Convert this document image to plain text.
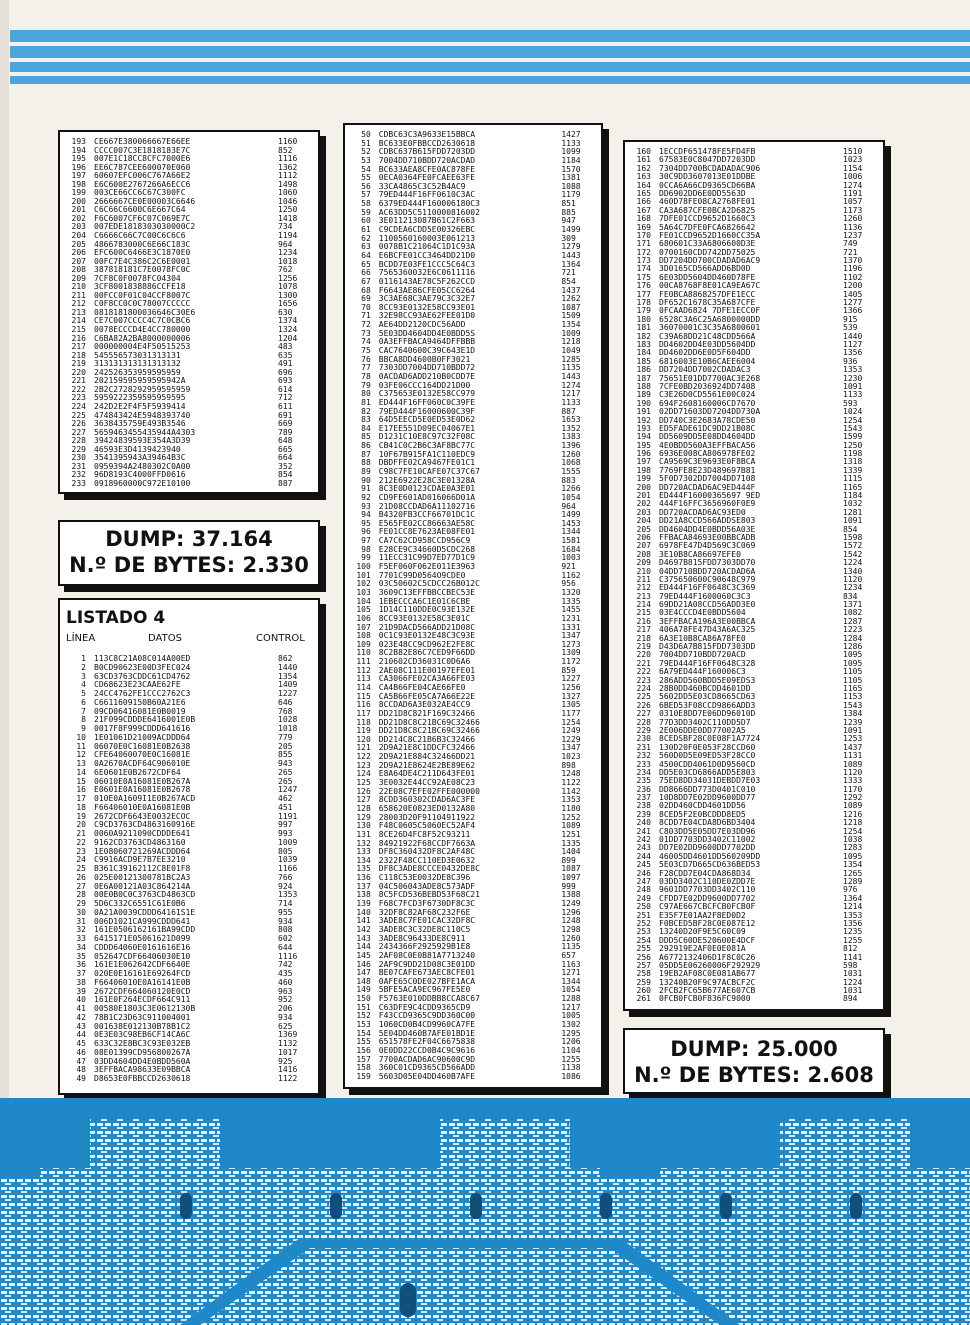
193	CE667E380066667E66EE	1160
194	CCCC007C3E1818183E7C	852
195	007E1C18CC8CFC7000E6	1116
196	EE6C787CEE600070E060	1362
197	60607EFC006C767A66E2	1112
198	E6C600E2767266A6ECC6	1498
199	003CE66CC6C67C300FC	1060
200	2666667CE0E00003C6646	1046
201	C6C66C6600C6E667C64	1250
202	F6C6007CF6C07C069E7C	1418
203	007EDE1818303030000C2	734
204	C6666C66C7C00C6C6C6	1194
205	4866783000C6E66C183C	964
206	EFC600C6466E3C1870E0	1234
207	00FC7E4C386C2C6E0001	1018
208	387818181C7E0078FC0C	762
209	7CF8C0F0078FC04304	1256
210	3CF8001838886CCFE18	1078
211	00FCC0F01C04CCF8007C	1300
212	C0F8CC0C0C78007CCCCC	1656
213	0818181800036646C30E6	630
214	CE7C007CCCC4C7C0CBC6	1374
215	0078ECCCD4E4CC780000	1324
216	C6BA82A2BA8000000006	1204
217	000000004E4F50515253	483
218	545556573031313131	635
219	313131313131313132	491
220	242526353959595959	696
221	202159595959595942A	693
222	2B2C2728292959595959	614
223	5959222359595959595	712
224	242D2E2F4F5F5939414	611
225	474843424E5948393740	691
226	3638435759E493B3546	669
227	5659463455435944A4303	789
228	39424839593E354A3D39	648
229	46593E3D4139423940	665
230	3541395943A39464B3C	664
231	0959394A2480302C0A00	352
232	96D8193C4000FFD0616	854
233	0918960000C972E10100	887
DUMP: 37.164
N.º DE BYTES: 2.330
LISTADO 4
LÍNEA	DATOS	CONTROL
1	113C8C21A08C014A00ED	862
2	B0CD90623E00D3FEC024	1440
3	63CD3763CDDC61CD4762	1354
4	CD68623E23CAAE62FE	1409
5	24CC4762FE1CCC2762C3	1227
6	C6611609150B60A21E6	646
7	09CD06416081E0B0019	768
8	21F099CDDDE6416001E0B	1028
9	0017F8F999CDDD641616	1018
10	1E01061D21009ACDDD64	779
11	06070E0C16081E0B2638	205
12	CFE64060070E0C16081E	855
13	0A2670ACDF64C906010E	943
14	6E0601E0B2672CDF64	265
15	06010E0A16081E0B267A	265
16	E0601E0A16081E0B2678	1247
17	010E0A1609I1E0B267ACD	462
18	F66406010E0A16081E0B	451
19	2672CDF6643E0032ECOC	1191
20	C9CD3763CD4863160916E	997
21	0060A9211090CDDDE641	993
22	9162CD3763CD4863160	1009
23	1E08060721269ACDDD64	805
24	C9916ACD9E7B7EE3210	1039
25	B361C39162112C8E01F8	1166
26	025E00121300781BC2A3	766
27	0E6A00121A03C864214A	924
28	00E0B0C0C3763CD4863CD	1353
29	5D6C332C6551C61E0B6	714
30	0A21A0039CDDD64161S1E	955
31	006D1021CA999CDDD641	934
32	161E0506162161BA99CDD	808
33	6415171E05061621D099	602
34	CDDD64060E0161616E16	644
35	052647CDF66406030E10	1116
36	161E1E062642CDF6640E	742
37	020E0E16161E69264FCD	435
38	F66406010E0A16141E0B	460
39	2672CDF664060120E0CD	963
40	161E0F264ECDF664C911	952
41	00580E1803C3E0612130B	206
42	78B1C23D63C911004001	934
43	001638E012130B78B1C2	625
44	0E3E03C98EB6CF14CA6C	1369
45	633C32E8BC3C93E032EB	1132
46	08E01399CD956800267A	1017
47	03DD4604DD4E0BDD560A	925
48	3EFFBACA98633E09BBCA	1416
49	D8653E0FBBCCD2630618	1122
50	CDBC63C3A9633E15BBCA	1427
51	BC633E0FBBCCD2630618	1133
52	CDBC637B615FDD7203DD	1099
53	7004DD710BDD720ACDAD	1184
54	BC633AEA8CFE0AC878FE	1570
55	0ECA0364FE0FCAEE63FE	1381
56	33CA4865C3C52B4AC9	1088
57	79ED444F16FF0610C3AC	1179
58	6379ED444F160006180C3	851
59	AC63DD5C5110000816002	885
60	3E011213087B61C2F663	947
61	C9CDEA6CDD5E00326EBC	1499
62	1100560160003E061213	309
63	0078B1C21064C1D1C93A	1279
64	E6BCFE01CC3464DD21D0	1443
65	BCDD7E03FE1CCC5C64C3	1364
66	7565360032E6C0611116	721
67	0116143AE78C5F262CCD	854
68	F6643AE86CFE05CC6264	1437
69	3C3AE68C3AE79C3C32E7	1262
70	8CC93E0132E58CC93E01	1087
71	32E98CC93AE62FEE01D0	1509
72	AE64DD2120CDC56ADD	1354
73	5E03DD4604DD4E0BDD5S	1009
74	0A3EFFBACA9464DFFBBB	1218
75	CAC7640600C39C643E1D	1049
76	BBCA8DD4600B0FF3021	1285
77	7303DD7004DD710BDD72	1135
78	0ACDAD6ADD210B0CDD7E	1443
79	03FE06CCC164DD21D00	1274
80	C375653E0132E58CC979	1217
81	ED444F16FF060C0C39FE	1133
82	79ED444F16000600C39F	887
83	64D5EECD5E0ED53E0D62	1653
84	E17EE551D09EC04067E1	1352
85	D1231C10E8C97C32F08C	1383
86	CB41C0C2B6C3AF8BC77C	1396
87	10F67B915FA1C110EDC9	1260
88	DBDFFE02CA9467FE01C1	1068
89	C98C7FE10CAFE07C37C67	1555
90	212E6922E28C3E01328A	883
91	8C3E0D0123CDAE0A3E01	1266
92	CD9FE601AD016066D01A	1054
93	21D08CCDAD6A11102716	964
94	B4320FB3CCF66701DC1C	1499
95	E565FE02CC86663AE58C	1453
96	FE01CC8E7623AE08FE01	1344
97	CA7C62CD958CCD956C9	1581
98	E28CE9C34660D5CDC268	1684
99	11ECC31C99D7ED77D1C9	1003
100	F5EF060F062E011E3963	921
101	7701C99D0564O9CDE0	1162
102	03C50602C5CDCC26B012C	956
103	3609C13EFFBBCCBEC53E	1320
104	1EBECCCA6C1E01C6CBE	1335
105	1D14C110DDE0C93E132E	1455
106	8CC93E0132E58C3E01C	1231
107	21D9DACD566ADD21D08C	1331
108	0C1C93E0132E48C3C93E	1347
109	023E48CC9CD962E2FE8C	1273
110	8C2B82E86C7CED9F66DD	1309
111	210602CD36031C0D6A6	1172
112	2AE08C111E00197EFE01	859
113	CA3066FE02CA3A66FE03	1227
114	CA4B66FE04CAE66FE0	1256
115	CA5B66FE05CA7A66E22E	1327
116	8CCDAD6A3E032AE4CC9	1305
117	DD21D8C821F169C32466	1177
118	DD21D8C8C21BC69C32466	1254
119	DD21D8C8C21BC69C32466	1249
120	DD214C8C21B6B3C32466	1229
121	2D9A21E8C1DDCFC32466	1347
122	2D9A21E884C32466DD21	1023
123	2D9A21E8624E2BE89E62	898
124	E8A64DE4C211D643FE01	1248
125	3E0032E44CC92AE08C23	1122
126	22E08C7EFE02FFE000000	1142
127	8CDD360302CDAD6AC3FE	1353
128	658620E0823ED0132A80	1180
129	28003D20F91104911922	1252
130	F48C0605C5060EC52AF4	1089
131	8CE26D4FC8F52C93211	1251
132	84921922F68CCDF7663A	1335
133	DF8C360432DF8C2AF48C	1404
134	2322F48CC110ED3E0632	899
135	DF8C3ADE8CCCE0432DE8C	1087
136	C118C53E0032DE8C396	1097
137	04C506043ADE8C573ADF	999
138	8C5FCD536BEBD53F68C21	1388
139	F68C7FCD3F6730DF8C3C	1249
140	32DF8C82AF68C232F6E	1296
141	3ADE8C7FE01CAC32DF8C	1248
142	3ADE8C3C32DE8C110C5	1298
143	3ADE8C96433DE8C911	1260
144	2434366F2925929B1E8	1135
145	2AF08C0E0B81A7713240	657
146	2AF9C9DD21D08C3E01DD	1163
147	BE07CAFE673AEC8CFE01	1271
148	0AFE65C0DE027BFE1ACA	1344
149	5BFE5ACA9EC967FE5E0	1054
150	F5763E010DDBB8CCA8C67	1288
151	C63DFE9C4CDD9365CD9	1217
152	F43CCD9365C9DD360C00	1005
153	1060CD0B4CD9960CA7FE	1302
154	5E04DD460B7AFE01BD1E	1295
155	651578FE2F04C6675838	1206
156	0E0DD22CCD0B4C9C9616	1104
157	7700ACDAD6AC90600C9D	1255
158	360C01CD9365CD566ADD	1138
159	5603D05E04DD460B7AFE	1086
160	1ECCDF651478FE5FD4FB	1510
161	67583E0C8047DD7203DD	1023
162	7304DD700BCDADADAC906	1154
163	30C9DD3607013E01DDBE	1006
164	0CCA6A66CD9365CD66BA	1274
165	DD6902DD6E0DD5563D	1191
166	460D78FE08CA2768FE01	1057
167	CA3A687CFE0BCA2D6825	1173
168	7DFE01CCD9652D1660C3	1260
169	5A64C7DFE0FCA6826642	1136
170	FE01CCD9652D1660CC35A	1237
171	680601C33A6806600D3E	749
172	0700160CDD742DD75025	721
173	DD7204DD700CDADAD6AC9	1370
174	3D0165CD566ADD6BD0D	1196
175	6E03DD5604DD460D78FE	1102
176	00CA8768F8E01CA9EA67C	1200
177	FE0BCA8868257DFE1ECC	1405
178	DF652C1678C35A687CFE	1277
179	0FCAAD6824 7DFE1ECC0F	1366
180	6528C3A6C25A6800000DD	915
181	36070001C3C35A6800601	539
182	C39A68DD21C48CDD566A	1440
183	DD4602DD4E03DD5604DD	1127
184	DD4602DD6E0D5F604DD	1356
185	6816003E10B6CAEE6004	936
186	DD7204DD7002CDADAC3	1353
187	75651E01DD7700AC3E268	1230
188	7CFE0BD2036924DD7408	1091
189	C3E26D0CD5561E00C024	1133
190	694F2608160006CD7670	593
191	02DD71603DD7204DD730A	1024
192	DD740C3E2683A78CDE50	1254
193	ED5FADE61DC9DD21B08C	1543
194	DD5609DD5E08DD4604DD	1599
195	4E0BDD560A3EFFBACA56	1250
196	6936E008CA806978FE02	1198
197	CA9569C3E9693E0F8BCA	1318
198	7769FE8E23D489697B81	1339
199	5F0D7302DD7004DD7108	1115
200	DD720ACDAD6AC9ED444F	1165
201	ED444F16000365697 9ED	1184
202	444F16FFC3656960F0E9	1032
203	DD720ACDAD6AC93ED0	1281
204	DD21A8CCD566ADDSE803	1091
205	DD4604DD4E0BDD56A03E	854
206	FFBACA84693E00BBCADB	1598
207	6978FE47D4D569C3C069	1572
208	3E10B8CA86697EFE0	1542
209	D4697B815FDD7303DD70	1224
210	04DD710BDD720ACDAD6A	1340
211	C375650600C90648C979	1120
212	ED444F16FF0648C3C369	1234
213	79ED444F1600060C3C3	834
214	69DD21A08CCD56ADD3E0	1371
215	03E4CCCD4E0BDD5604	1082
216	3EFFBACA196A3E00BBCA	1287
217	406A78FE47D43A6AC325	1223
218	6A3E10B8CA86A78FE0	1284
219	D43D6A7B815FDD7303DD	1286
220	7004DD710BDD720ACD	1095
221	79ED444F16FF0648C328	1095
222	6A79ED444F160006C3	1105
223	286ADD560BDD5E09EDS3	1105
224	28B0DD460BCDD4601DD	1165
225	5602DD5E03CD8665CD63	1153
226	6BED53F08CCD9866ADD3	1543
227	0310E8DD7E06DD96010D	1384
228	77D3DD3402C110DD5D7	1239
229	2E006DDE0DD77002A5	1091
230	8CEDSBF28C0E08F1A7724	1253
231	130D20F0E053F28CCD60	1437
232	560D0D5E09ED53F28CC0	1131
233	4500CDD4061D0D9560CD	1089
234	DD5E03CD6866ADD5E803	1120
235	75ED8DD34031DEBDD7E03	1333
236	DD8666DD773D0401C010	1170
237	10D8DD7E02DD9600DD77	1292
238	02DD460CDD4601DD56	1089
239	8CED5F2E0BCDDD8ED5	1216
240	8CDD7E04CDA8D6BD3404	1218
241	C803DD5E05DD7E03DD96	1254
242	01DD7703DD3402C11002	1038
243	DD7E02DD9600DD7702DD	1283
244	46005DD4601DD560209DD	1095
245	5E03CD7D665CD636BED53	1354
246	F28CDD7E04CDA868D34	1265
247	03DD3402C110DE0ZDD7E	1289
248	9601DD7703DD3402C110	976
249	CFDD7E02DD9600DD7702	1364
250	C97AE667CBCFCB0FCB0F	1214
251	E35F7E01AA2F8ED0D2	1353
252	F0BCED5BF28C0E087E12	1356
253	13240D20F9E5C60C09	1235
254	DDD5C60DE520600E4DCF	1255
255	292919E2AF0E0E081A	812
256	A6772132406D1F8C0C26	1141
257	05DD5E06260006F292929	598
258	19EB2AF08C0E081AB677	1031
259	13240B20F9C97ACBCF2C	1224
260	2FCB2FC65B677AE607CB	1031
261	0FCB0FCB0F836FC9000	894
DUMP: 25.000
N.º DE BYTES: 2.608
